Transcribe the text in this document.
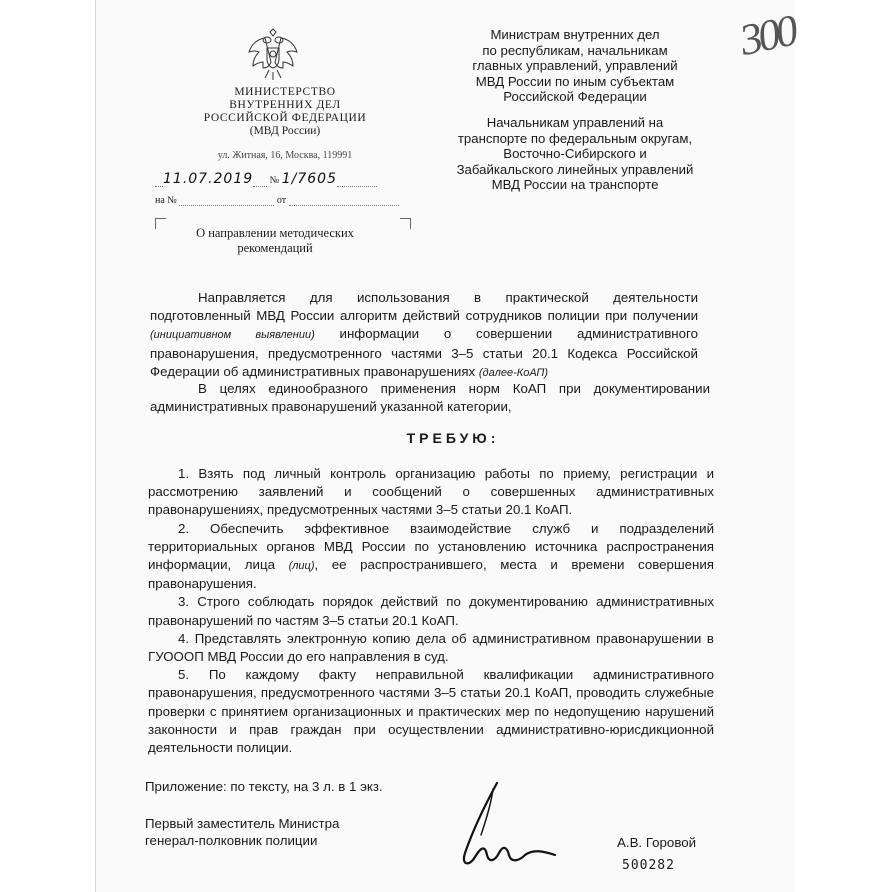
МИНИСТЕРСТВО
ВНУТРЕННИХ ДЕЛ
РОССИЙСКОЙ ФЕДЕРАЦИИ
(МВД России)
ул. Житная, 16, Москва, 119991
11.07.2019 № 1/7605
на №	от
О направлении методических
рекомендаций

Министрам внутренних дел
по республикам, начальникам
главных управлений, управлений
МВД России по иным субъектам
Российской Федерации

Начальникам управлений на
транспорте по федеральным округам,
Восточно-Сибирского и
Забайкальского линейных управлений
МВД России на транспорте

300
Направляется для использования в практической деятельности подготовленный МВД России алгоритм действий сотрудников полиции при получении (инициативном выявлении) информации о совершении административного правонарушения, предусмотренного частями 3–5 статьи 20.1 Кодекса Российской Федерации об административных правонарушениях (далее-КоАП)
В целях единообразного применения норм КоАП при документировании административных правонарушений указанной категории,
ТРЕБУЮ:

1. Взять под личный контроль организацию работы по приему, регистрации и рассмотрению заявлений и сообщений о совершенных административных правонарушениях, предусмотренных частями 3–5 статьи 20.1 КоАП.

2. Обеспечить эффективное взаимодействие служб и подразделений территориальных органов МВД России по установлению источника распространения информации, лица (лиц), ее распространившего, места и времени совершения правонарушения.

3. Строго соблюдать порядок действий по документированию административных правонарушений по частям 3–5 статьи 20.1 КоАП.

4. Представлять электронную копию дела об административном правонарушении в ГУОООП МВД России до его направления в суд.

5. По каждому факту неправильной квалификации административного правонарушения, предусмотренного частями 3–5 статьи 20.1 КоАП, проводить служебные проверки с принятием организационных и практических мер по недопущению нарушений законности и прав граждан при осуществлении административно-юрисдикционной деятельности полиции.

Приложение: по тексту, на 3 л. в 1 экз.
Первый заместитель Министра
генерал-полковник полиции	А.В. Горовой
500282
